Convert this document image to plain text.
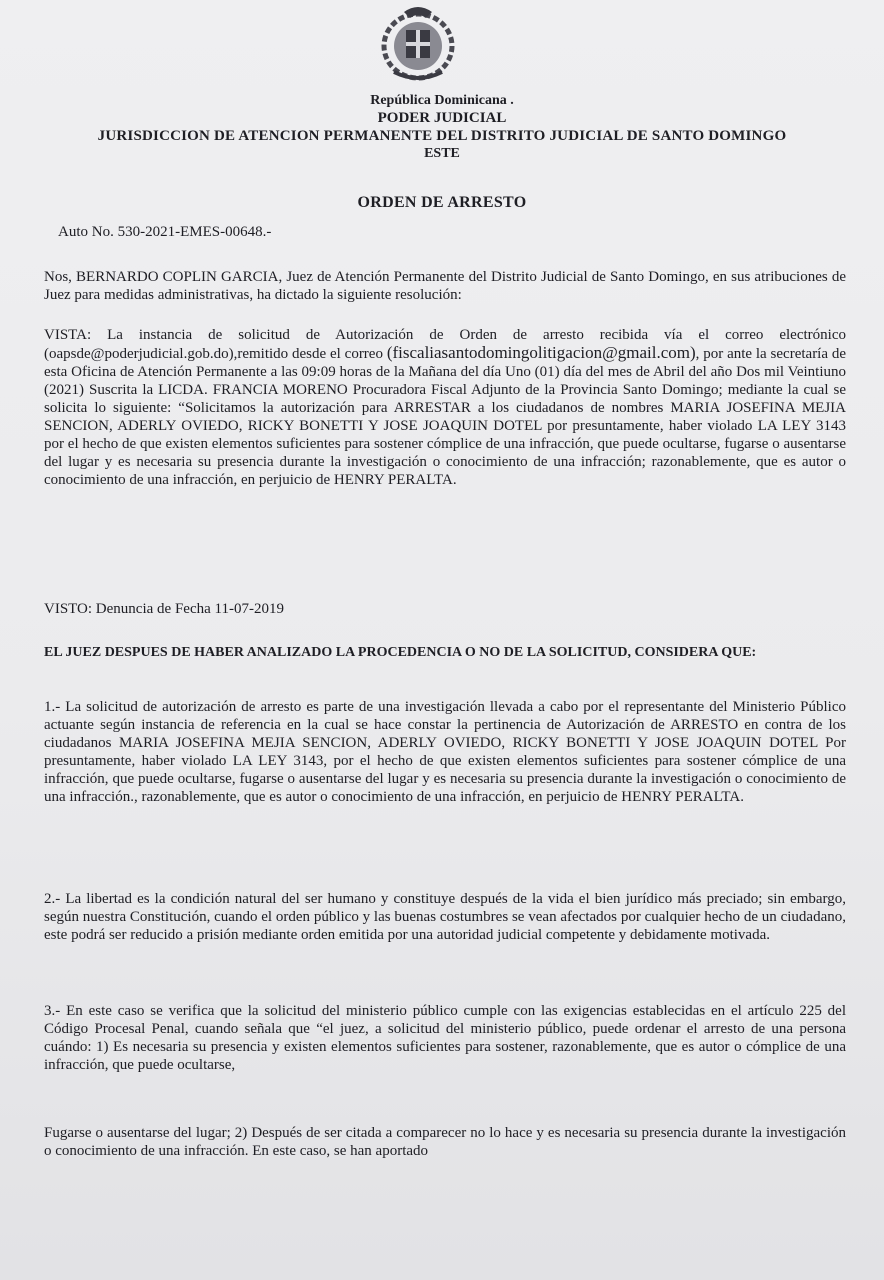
República Dominicana .
PODER JUDICIAL
JURISDICCION DE ATENCION PERMANENTE DEL DISTRITO JUDICIAL DE SANTO DOMINGO
ESTE
ORDEN DE ARRESTO
Auto No. 530-2021-EMES-00648.-
Nos, BERNARDO COPLIN GARCIA, Juez de Atención Permanente del Distrito Judicial de Santo Domingo, en sus atribuciones de Juez para medidas administrativas, ha dictado la siguiente resolución:
VISTA: La instancia de solicitud de Autorización de Orden de arresto recibida vía el correo electrónico (oapsde@poderjudicial.gob.do),remitido desde el correo (fiscaliasantodomingolitigacion@gmail.com), por ante la secretaría de esta Oficina de Atención Permanente a las 09:09 horas de la Mañana del día Uno (01) día del mes de Abril del año Dos mil Veintiuno (2021) Suscrita la LICDA. FRANCIA MORENO Procuradora Fiscal Adjunto de la Provincia Santo Domingo; mediante la cual se solicita lo siguiente: “Solicitamos la autorización para ARRESTAR a los ciudadanos de nombres MARIA JOSEFINA MEJIA SENCION, ADERLY OVIEDO, RICKY BONETTI Y JOSE JOAQUIN DOTEL por presuntamente, haber violado LA LEY 3143 por el hecho de que existen elementos suficientes para sostener cómplice de una infracción, que puede ocultarse, fugarse o ausentarse del lugar y es necesaria su presencia durante la investigación o conocimiento de una infracción; razonablemente, que es autor o conocimiento de una infracción, en perjuicio de HENRY PERALTA.
VISTO: Denuncia de Fecha 11-07-2019
EL JUEZ DESPUES DE HABER ANALIZADO LA PROCEDENCIA O NO DE LA SOLICITUD, CONSIDERA QUE:
1.- La solicitud de autorización de arresto es parte de una investigación llevada a cabo por el representante del Ministerio Público actuante según instancia de referencia en la cual se hace constar la pertinencia de Autorización de ARRESTO en contra de los ciudadanos MARIA JOSEFINA MEJIA SENCION, ADERLY OVIEDO, RICKY BONETTI Y JOSE JOAQUIN DOTEL Por presuntamente, haber violado LA LEY 3143, por el hecho de que existen elementos suficientes para sostener cómplice de una infracción, que puede ocultarse, fugarse o ausentarse del lugar y es necesaria su presencia durante la investigación o conocimiento de una infracción., razonablemente, que es autor o conocimiento de una infracción, en perjuicio de HENRY PERALTA.
2.- La libertad es la condición natural del ser humano y constituye después de la vida el bien jurídico más preciado; sin embargo, según nuestra Constitución, cuando el orden público y las buenas costumbres se vean afectados por cualquier hecho de un ciudadano, este podrá ser reducido a prisión mediante orden emitida por una autoridad judicial competente y debidamente motivada.
3.- En este caso se verifica que la solicitud del ministerio público cumple con las exigencias establecidas en el artículo 225 del Código Procesal Penal, cuando señala que “el juez, a solicitud del ministerio público, puede ordenar el arresto de una persona cuándo: 1) Es necesaria su presencia y existen elementos suficientes para sostener, razonablemente, que es autor o cómplice de una infracción, que puede ocultarse,
Fugarse o ausentarse del lugar; 2) Después de ser citada a comparecer no lo hace y es necesaria su presencia durante la investigación o conocimiento de una infracción. En este caso, se han aportado
